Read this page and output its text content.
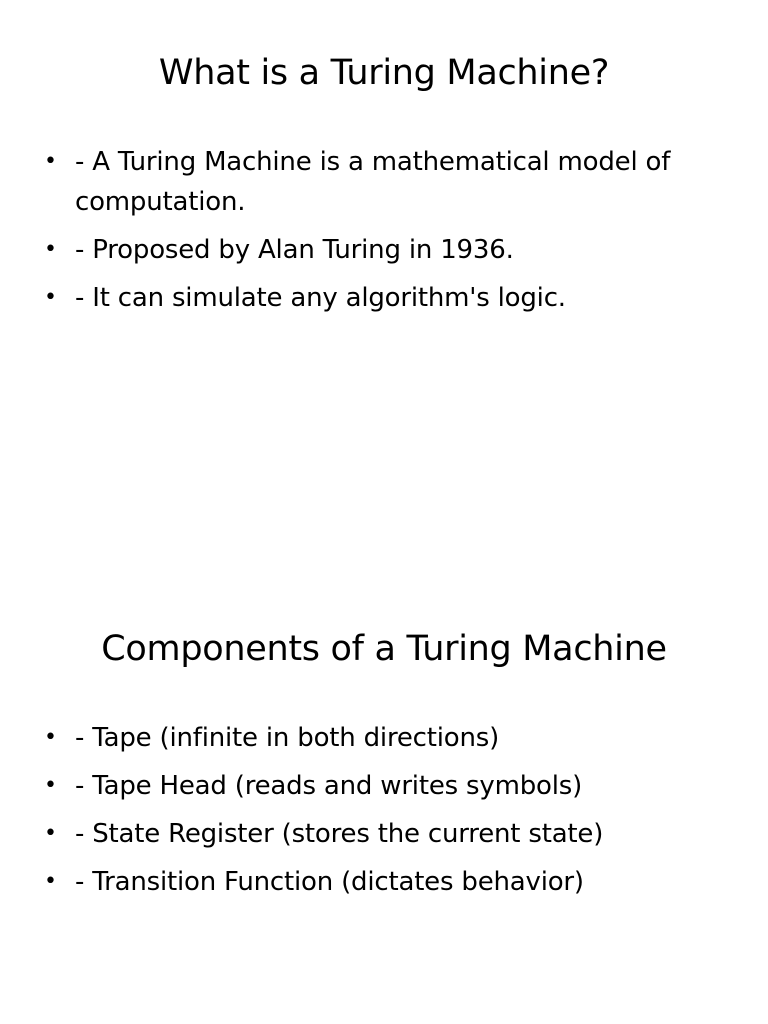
What is a Turing Machine?
• - A Turing Machine is a mathematical model of computation.
• - Proposed by Alan Turing in 1936.
• - It can simulate any algorithm's logic.
Components of a Turing Machine
• - Tape (infinite in both directions)
• - Tape Head (reads and writes symbols)
• - State Register (stores the current state)
• - Transition Function (dictates behavior)
